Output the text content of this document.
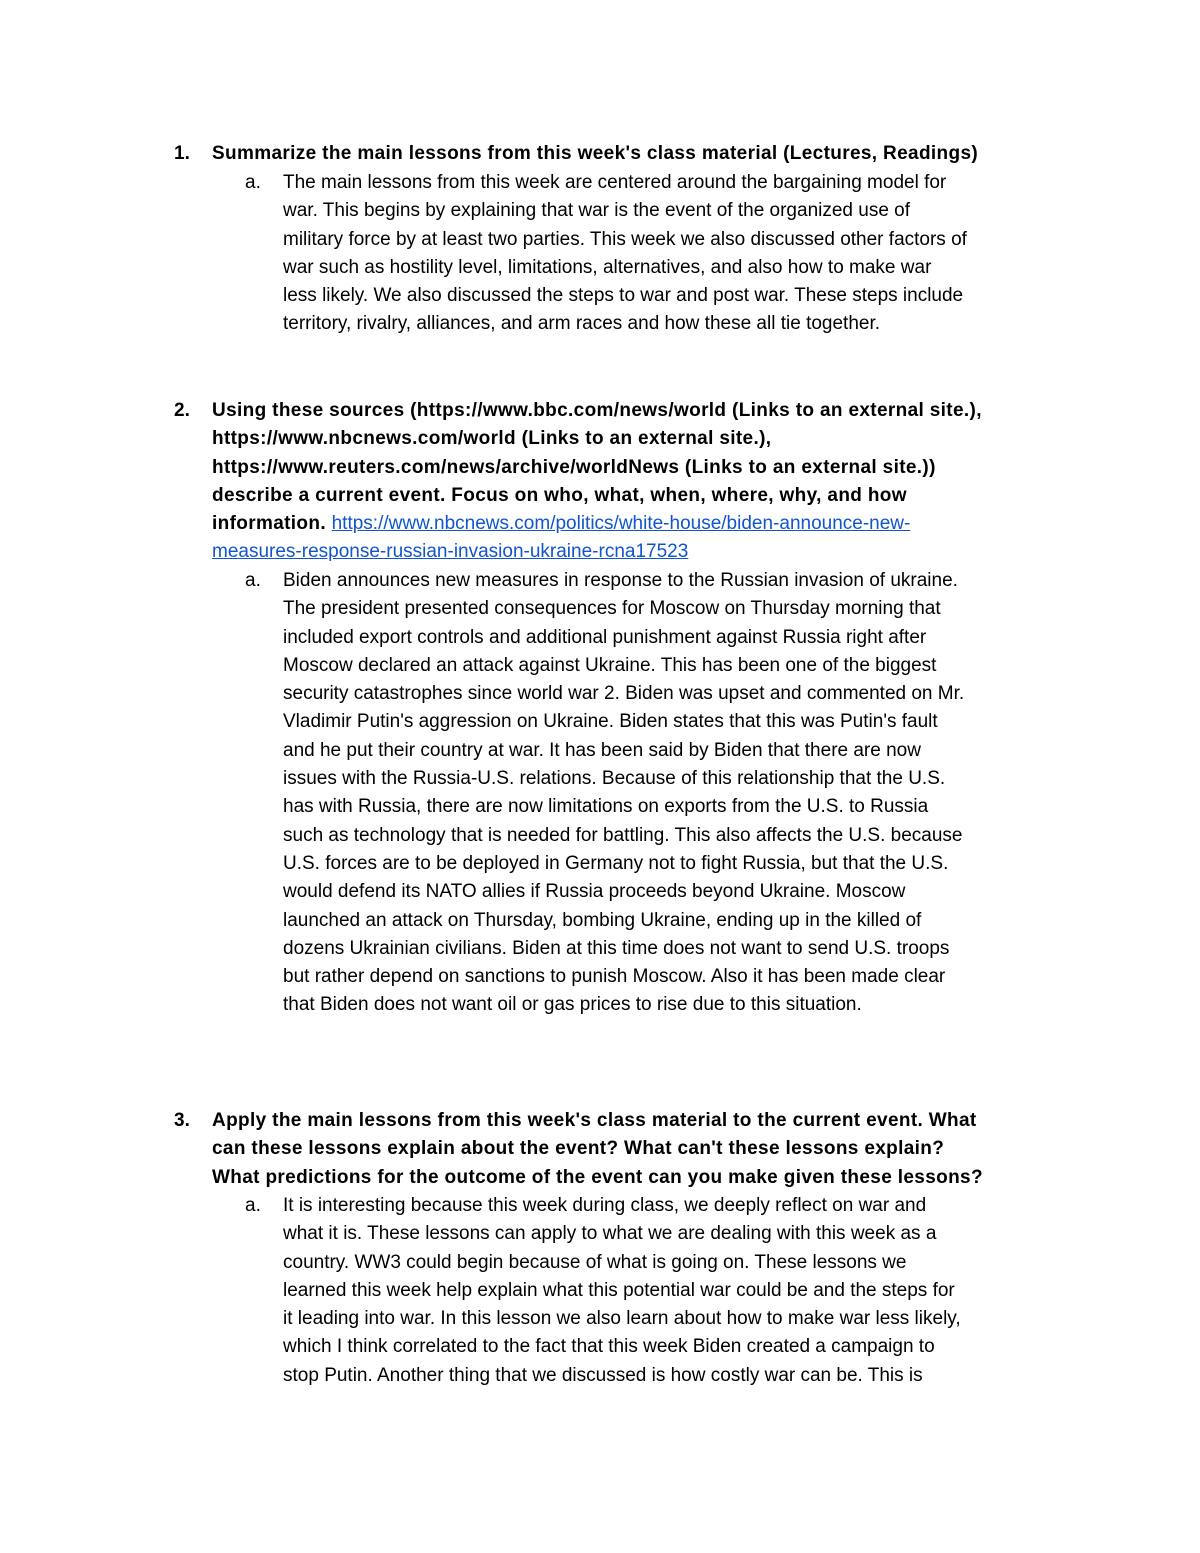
1. Summarize the main lessons from this week's class material (Lectures, Readings)
a. The main lessons from this week are centered around the bargaining model for
war. This begins by explaining that war is the event of the organized use of
military force by at least two parties. This week we also discussed other factors of
war such as hostility level, limitations, alternatives, and also how to make war
less likely. We also discussed the steps to war and post war. These steps include
territory, rivalry, alliances, and arm races and how these all tie together.
2. Using these sources (https://www.bbc.com/news/world (Links to an external site.),
https://www.nbcnews.com/world (Links to an external site.),
https://www.reuters.com/news/archive/worldNews (Links to an external site.))
describe a current event. Focus on who, what, when, where, why, and how
information. https://www.nbcnews.com/politics/white-house/biden-announce-new-
measures-response-russian-invasion-ukraine-rcna17523
a. Biden announces new measures in response to the Russian invasion of ukraine.
The president presented consequences for Moscow on Thursday morning that
included export controls and additional punishment against Russia right after
Moscow declared an attack against Ukraine. This has been one of the biggest
security catastrophes since world war 2. Biden was upset and commented on Mr.
Vladimir Putin's aggression on Ukraine. Biden states that this was Putin's fault
and he put their country at war. It has been said by Biden that there are now
issues with the Russia-U.S. relations. Because of this relationship that the U.S.
has with Russia, there are now limitations on exports from the U.S. to Russia
such as technology that is needed for battling. This also affects the U.S. because
U.S. forces are to be deployed in Germany not to fight Russia, but that the U.S.
would defend its NATO allies if Russia proceeds beyond Ukraine. Moscow
launched an attack on Thursday, bombing Ukraine, ending up in the killed of
dozens Ukrainian civilians. Biden at this time does not want to send U.S. troops
but rather depend on sanctions to punish Moscow. Also it has been made clear
that Biden does not want oil or gas prices to rise due to this situation.
3. Apply the main lessons from this week's class material to the current event. What
can these lessons explain about the event? What can't these lessons explain?
What predictions for the outcome of the event can you make given these lessons?
a. It is interesting because this week during class, we deeply reflect on war and
what it is. These lessons can apply to what we are dealing with this week as a
country. WW3 could begin because of what is going on. These lessons we
learned this week help explain what this potential war could be and the steps for
it leading into war. In this lesson we also learn about how to make war less likely,
which I think correlated to the fact that this week Biden created a campaign to
stop Putin. Another thing that we discussed is how costly war can be. This is
